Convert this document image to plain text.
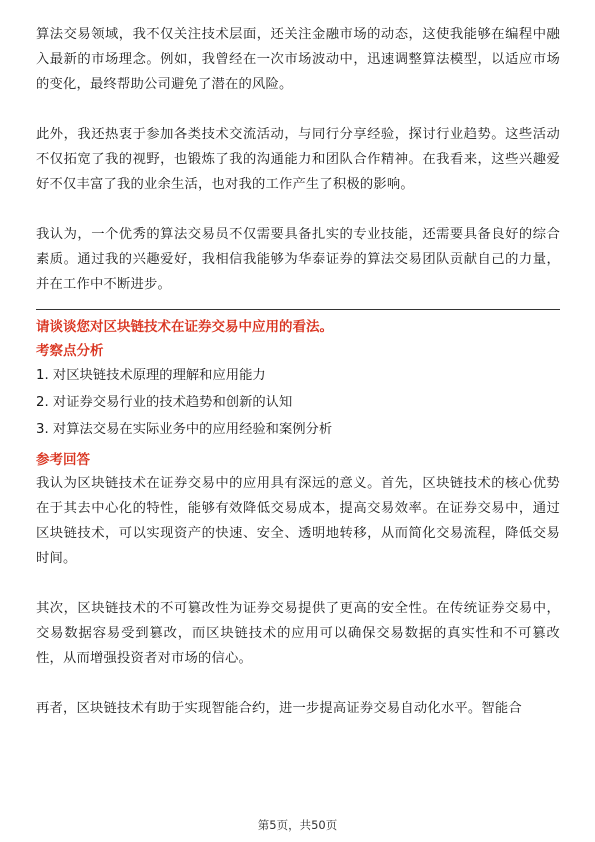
算法交易领域，我不仅关注技术层面，还关注金融市场的动态，这使我能够在编程中融入最新的市场理念。例如，我曾经在一次市场波动中，迅速调整算法模型，以适应市场的变化，最终帮助公司避免了潜在的风险。

此外，我还热衷于参加各类技术交流活动，与同行分享经验，探讨行业趋势。这些活动不仅拓宽了我的视野，也锻炼了我的沟通能力和团队合作精神。在我看来，这些兴趣爱好不仅丰富了我的业余生活，也对我的工作产生了积极的影响。

我认为，一个优秀的算法交易员不仅需要具备扎实的专业技能，还需要具备良好的综合素质。通过我的兴趣爱好，我相信我能够为华泰证券的算法交易团队贡献自己的力量，并在工作中不断进步。

请谈谈您对区块链技术在证券交易中应用的看法。

考察点分析

1. 对区块链技术原理的理解和应用能力

2. 对证券交易行业的技术趋势和创新的认知

3. 对算法交易在实际业务中的应用经验和案例分析

参考回答

我认为区块链技术在证券交易中的应用具有深远的意义。首先，区块链技术的核心优势在于其去中心化的特性，能够有效降低交易成本，提高交易效率。在证券交易中，通过区块链技术，可以实现资产的快速、安全、透明地转移，从而简化交易流程，降低交易时间。

其次，区块链技术的不可篡改性为证券交易提供了更高的安全性。在传统证券交易中，交易数据容易受到篡改，而区块链技术的应用可以确保交易数据的真实性和不可篡改性，从而增强投资者对市场的信心。

再者，区块链技术有助于实现智能合约，进一步提高证券交易自动化水平。智能合

第5页，共50页
